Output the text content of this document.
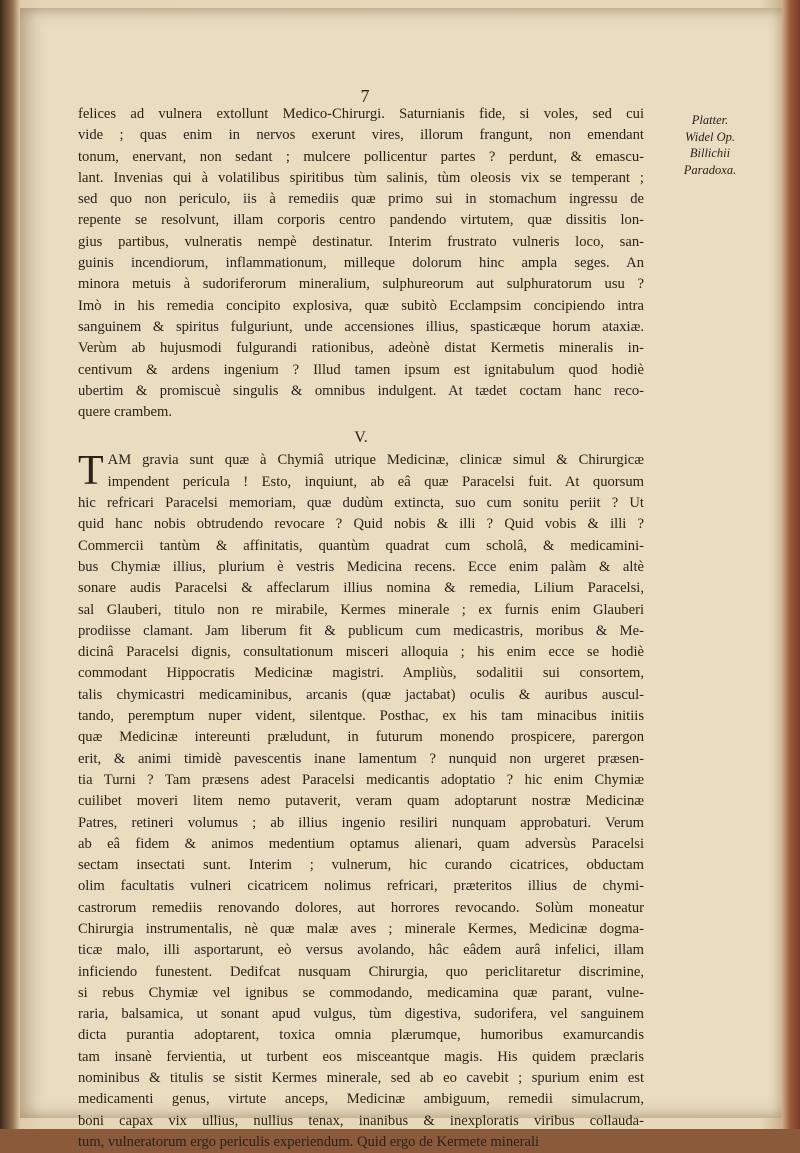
7
felices ad vulnera extollunt Medico-Chirurgi. Saturnianis fide, si voles, sed cui
vide ; quas enim in nervos exerunt vires, illorum frangunt, non emendant
tonum, enervant, non sedant ; mulcere pollicentur partes ? perdunt, & emascu-
lant. Invenias qui à volatilibus spiritibus tùm salinis, tùm oleosis vix se temperant ;
sed quo non periculo, iis à remediis quæ primo sui in stomachum ingressu de
repente se resolvunt, illam corporis centro pandendo virtutem, quæ dissitis lon-
gius partibus, vulneratis nempè destinatur. Interim frustrato vulneris loco, san-
guinis incendiorum, inflammationum, milleque dolorum hinc ampla seges. An
minora metuis à sudoriferorum mineralium, sulphureorum aut sulphuratorum usu ?
Imò in his remedia concipito explosiva, quæ subitò Ecclampsim concipiendo intra
sanguinem & spiritus fulguriunt, unde accensiones illius, spasticæque horum ataxiæ.
Verùm ab hujusmodi fulgurandi rationibus, adeònè distat Kermetis mineralis in-
centivum & ardens ingenium ? Illud tamen ipsum est ignitabulum quod hodiè
ubertim & promiscuè singulis & omnibus indulgent. At tædet coctam hanc reco-
quere crambem.
V.
T AM gravia sunt quæ à Chymiâ utrique Medicinæ, clinicæ simul & Chirurgicæ
impendent pericula ! Esto, inquiunt, ab eâ quæ Paracelsi fuit. At quorsum
hic refricari Paracelsi memoriam, quæ dudùm extincta, suo cum sonitu periit ? Ut
quid hanc nobis obtrudendo revocare ? Quid nobis & illi ? Quid vobis & illi ?
Commercii tantùm & affinitatis, quantùm quadrat cum scholâ, & medicamini-
bus Chymiæ illius, plurium è vestris Medicina recens. Ecce enim palàm & altè
sonare audis Paracelsi & affeclarum illius nomina & remedia, Lilium Paracelsi,
sal Glauberi, titulo non re mirabile, Kermes minerale ; ex furnis enim Glauberi
prodiisse clamant. Jam liberum fit & publicum cum medicastris, moribus & Me-
dicinâ Paracelsi dignis, consultationum misceri alloquia ; his enim ecce se hodiè
commodant Hippocratis Medicinæ magistri. Ampliùs, sodalitii sui consortem,
talis chymicastri medicaminibus, arcanis (quæ jactabat) oculis & auribus auscul-
tando, peremptum nuper vident, silentque. Posthac, ex his tam minacibus initiis
quæ Medicinæ intereunti præludunt, in futurum monendo prospicere, parergon
erit, & animi timidè pavescentis inane lamentum ? nunquid non urgeret præsen-
tia Turni ? Tam præsens adest Paracelsi medicantis adoptatio ? hic enim Chymiæ
cuilibet moveri litem nemo putaverit, veram quam adoptarunt nostræ Medicinæ
Patres, retineri volumus ; ab illius ingenio resiliri nunquam approbaturi. Verum
ab eâ fidem & animos medentium optamus alienari, quam adversùs Paracelsi
sectam insectati sunt. Interim ; vulnerum, hic curando cicatrices, obductam
olim facultatis vulneri cicatricem nolimus refricari, præteritos illius de chymi-
castrorum remediis renovando dolores, aut horrores revocando. Solùm moneatur
Chirurgia instrumentalis, nè quæ malæ aves ; minerale Kermes, Medicinæ dogma-
ticæ malo, illi asportarunt, eò versus avolando, hâc eâdem aurâ infelici, illam
inficiendo funestent. Dedifcat nusquam Chirurgia, quo periclitaretur discrimine,
si rebus Chymiæ vel ignibus se commodando, medicamina quæ parant, vulne-
raria, balsamica, ut sonant apud vulgus, tùm digestiva, sudorifera, vel sanguinem
dicta purantia adoptarent, toxica omnia plærumque, humoribus examurcandis
tam insanè fervientia, ut turbent eos misceantque magis. His quidem præclaris
nominibus & titulis se sistit Kermes minerale, sed ab eo cavebit ; spurium enim est
medicamenti genus, virtute anceps, Medicinæ ambiguum, remedii simulacrum,
boni capax vix ullius, nullius tenax, inanibus & inexploratis viribus collauda-
tum, vulneratorum ergo periculis experiendum. Quid ergo de Kermete minerali
Platter.
Widel Op.
Billichii
Paradoxa.
